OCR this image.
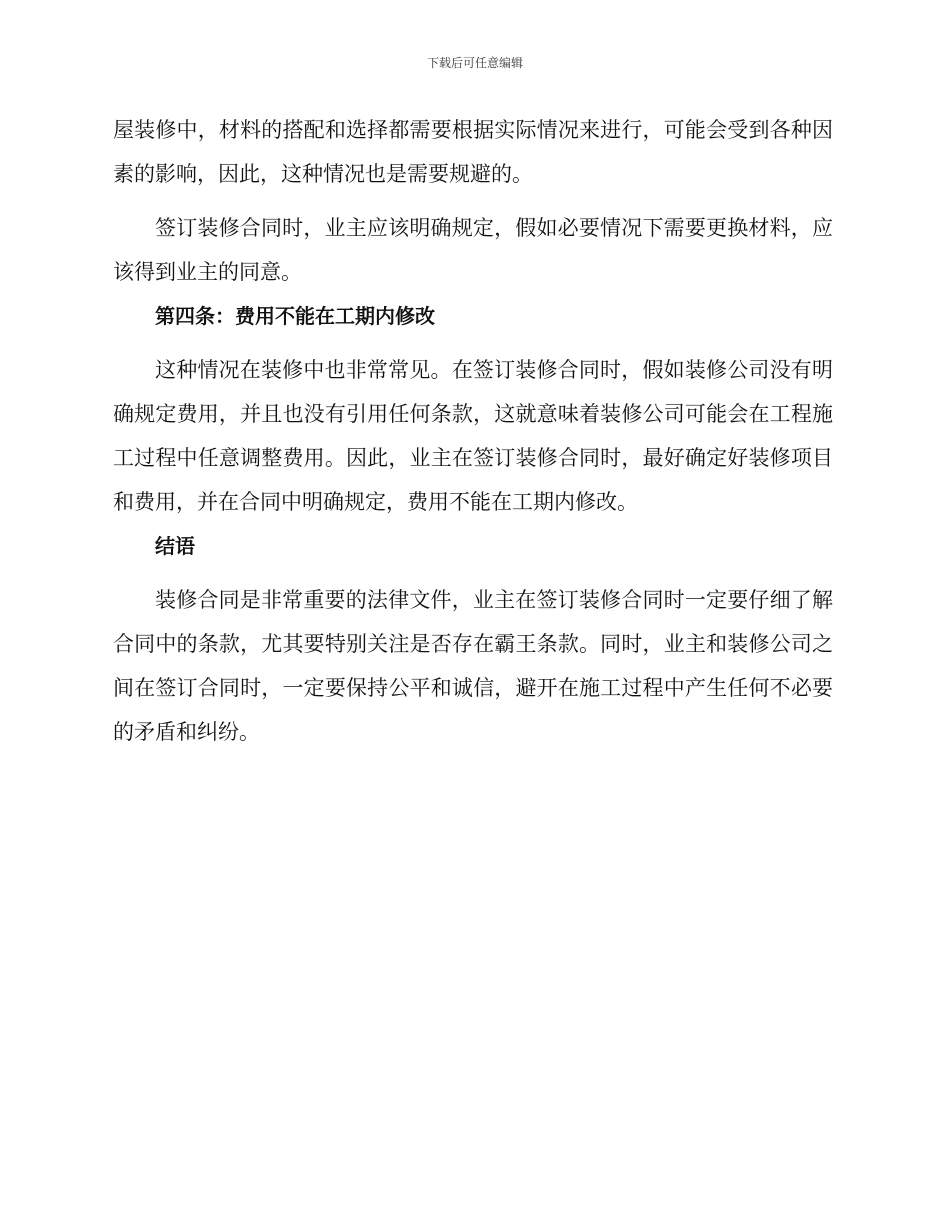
下载后可任意编辑

屋装修中，材料的搭配和选择都需要根据实际情况来进行，可能会受到各种因素的影响，因此，这种情况也是需要规避的。

签订装修合同时，业主应该明确规定，假如必要情况下需要更换材料，应该得到业主的同意。

第四条：费用不能在工期内修改

这种情况在装修中也非常常见。在签订装修合同时，假如装修公司没有明确规定费用，并且也没有引用任何条款，这就意味着装修公司可能会在工程施工过程中任意调整费用。因此，业主在签订装修合同时，最好确定好装修项目和费用，并在合同中明确规定，费用不能在工期内修改。

结语

装修合同是非常重要的法律文件，业主在签订装修合同时一定要仔细了解合同中的条款，尤其要特别关注是否存在霸王条款。同时，业主和装修公司之间在签订合同时，一定要保持公平和诚信，避开在施工过程中产生任何不必要的矛盾和纠纷。
